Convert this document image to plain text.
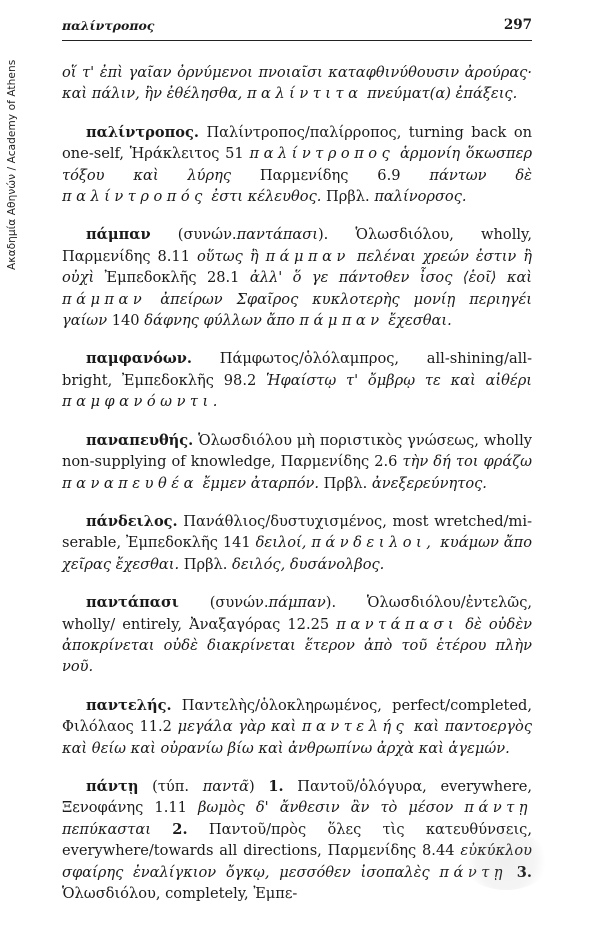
Ακαδημία Αθηνών / Academy of Athens
παλίντροπος	297

οἵ τ' ἐπὶ γαῖαν ὀρνύμενοι πνοιαῖσι καταφθινύθουσιν ἀρούρας· καὶ πάλιν, ἢν ἐθέλησθα, παλίντιτα πνεύματ(α) ἐπάξεις.

παλίντροπος. Παλίντροπος/παλίρροπος, turning back on one-self, Ἡράκλειτος 51 παλίντροπος ἁρμονίη ὅκωσπερ τόξου καὶ λύρης Παρμενίδης 6.9 πάντων δὲ παλίντροπός ἐστι κέλευθος. Πρβλ. παλίνορσος.

πάμπαν (συνών.παντάπασι). Ὁλωσδιόλου, wholly, Παρμενίδης 8.11 οὕτως ἢ πάμπαν πελέναι χρεών ἐστιν ἢ οὐχὶ Ἐμπεδοκλῆς 28.1 ἀλλ' ὅ γε πάντοθεν ἶσος ⟨ἑοῖ⟩ καὶ πάμπαν ἀπείρων Σφαῖρος κυκλοτερὴς μονίῃ περιηγέι γαίων 140 δάφνης φύλλων ἄπο πάμπαν ἔχεσθαι.

παμφανόων. Πάμφωτος/ὁλόλαμπρος, all-shining/all-bright, Ἐμπεδοκλῆς 98.2 Ἡφαίστῳ τ' ὄμβρῳ τε καὶ αἰθέρι παμφανόωντι.

παναπευθής. Ὁλωσδιόλου μὴ ποριστικὸς γνώσεως, wholly non-supplying of knowledge, Παρμενίδης 2.6 τὴν δή τοι φράζω παναπευθέα ἔμμεν ἀταρπόν. Πρβλ. ἀνεξερεύνητος.

πάνδειλος. Πανάθλιος/δυστυχισμένος, most wretched/mi-serable, Ἐμπεδοκλῆς 141 δειλοί, πάνδειλοι, κυάμων ἄπο χεῖρας ἔχεσθαι. Πρβλ. δειλός, δυσάνολβος.

παντάπασι (συνών.πάμπαν). Ὁλωσδιόλου/ἐντελῶς, wholly/ entirely, Ἀναξαγόρας 12.25 παντάπασι δὲ οὐδὲν ἀποκρίνεται οὐδὲ διακρίνεται ἕτερον ἀπὸ τοῦ ἑτέρου πλὴν νοῦ.

παντελής. Παντελὴς/ὁλοκληρωμένος, perfect/completed, Φιλόλαος 11.2 μεγάλα γὰρ καὶ παντελής καὶ παντοεργὸς καὶ θείω καὶ οὐρανίω βίω καὶ ἀνθρωπίνω ἀρχὰ καὶ ἁγεμών.

πάντῃ (τύπ. παντᾶ) 1. Παντοῦ/ὁλόγυρα, everywhere, Ξενοφάνης 1.11 βωμὸς δ' ἄνθεσιν ἂν τὸ μέσον πάντῃ πεπύκασται 2. Παντοῦ/πρὸς ὅλες τὶς κατευθύνσεις, everywhere/towards all directions, Παρμενίδης 8.44 εὐκύκλου σφαίρης ἐναλίγκιον ὄγκῳ, μεσσόθεν ἰσοπαλὲς πάντῃ 3. Ὁλωσδιόλου, completely, Ἐμπε-
